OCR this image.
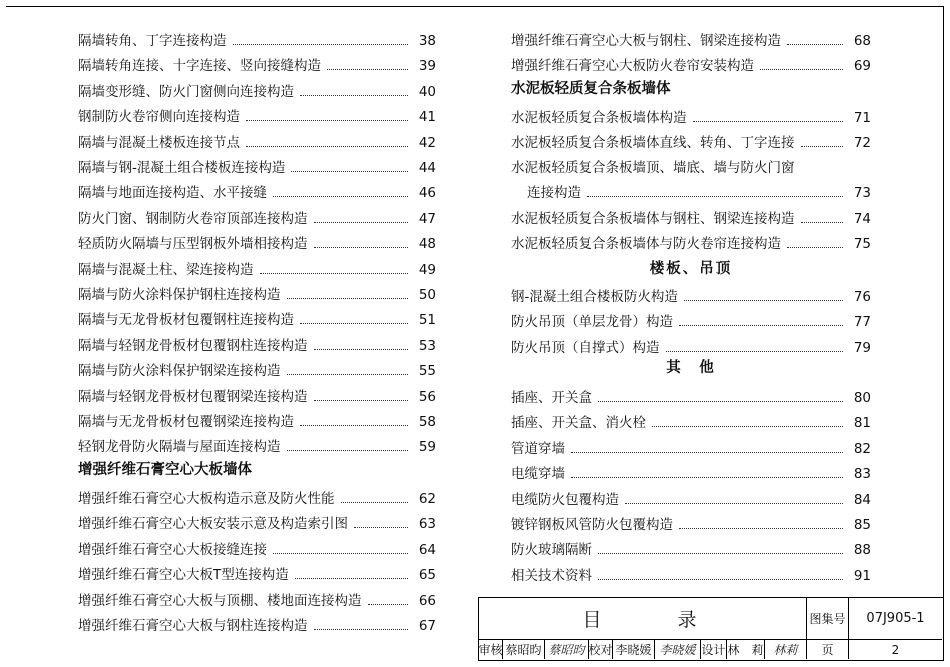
隔墙转角、丁字连接构造	38
隔墙转角连接、十字连接、竖向接缝构造	39
隔墙变形缝、防火门窗侧向连接构造	40
钢制防火卷帘侧向连接构造	41
隔墙与混凝土楼板连接节点	42
隔墙与钢-混凝土组合楼板连接构造	44
隔墙与地面连接构造、水平接缝	46
防火门窗、钢制防火卷帘顶部连接构造	47
轻质防火隔墙与压型钢板外墙相接构造	48
隔墙与混凝土柱、梁连接构造	49
隔墙与防火涂料保护钢柱连接构造	50
隔墙与无龙骨板材包覆钢柱连接构造	51
隔墙与轻钢龙骨板材包覆钢柱连接构造	53
隔墙与防火涂料保护钢梁连接构造	55
隔墙与轻钢龙骨板材包覆钢梁连接构造	56
隔墙与无龙骨板材包覆钢梁连接构造	58
轻钢龙骨防火隔墙与屋面连接构造	59
增强纤维石膏空心大板墙体
增强纤维石膏空心大板构造示意及防火性能	62
增强纤维石膏空心大板安装示意及构造索引图	63
增强纤维石膏空心大板接缝连接	64
增强纤维石膏空心大板T型连接构造	65
增强纤维石膏空心大板与顶棚、楼地面连接构造	66
增强纤维石膏空心大板与钢柱连接构造	67
增强纤维石膏空心大板与钢柱、钢梁连接构造	68
增强纤维石膏空心大板防火卷帘安装构造	69
水泥板轻质复合条板墙体
水泥板轻质复合条板墙体构造	71
水泥板轻质复合条板墙体直线、转角、丁字连接	72
水泥板轻质复合条板墙顶、墙底、墙与防火门窗
连接构造	73
水泥板轻质复合条板墙体与钢柱、钢梁连接构造	74
水泥板轻质复合条板墙体与防火卷帘连接构造	75
楼板、吊顶
钢-混凝土组合楼板防火构造	76
防火吊顶（单层龙骨）构造	77
防火吊顶（自撑式）构造	79
其　他
插座、开关盒	80
插座、开关盒、消火栓	81
管道穿墙	82
电缆穿墙	83
电缆防火包覆构造	84
镀锌钢板风管防火包覆构造	85
防火玻璃隔断	88
相关技术资料	91
目	录	图集号	07J905-1
审核 蔡昭昀 蔡昭昀 校对 李晓媛 李晓媛 设计 林　莉 林莉	页	2
